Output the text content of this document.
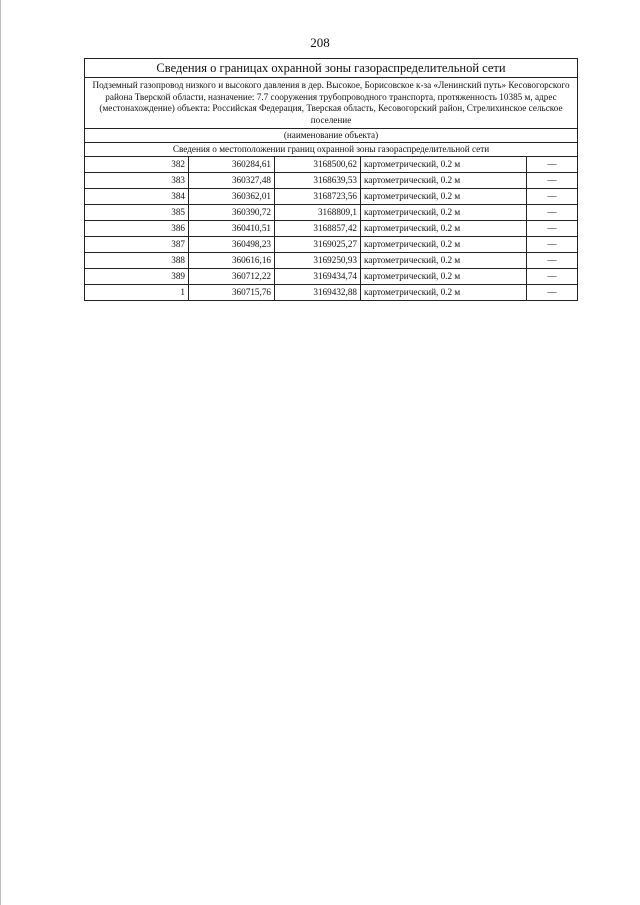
208
Сведения о границах охранной зоны газораспределительной сети				
Подземный газопровод низкого и высокого давления в дер. Высокое, Борисовское к-за «Ленинский путь» Кесовогорского района Тверской области, назначение: 7.7 сооружения трубопроводного транспорта, протяженность 10385 м, адрес (местонахождение) объекта: Российская Федерация, Тверская область, Кесовогорский район, Стрелихинское сельское поселение				
(наименование объекта)				
Сведения о местоположении границ охранной зоны газораспределительной сети				
382	360284,61	3168500,62	картометрический, 0.2 м	—
383	360327,48	3168639,53	картометрический, 0.2 м	—
384	360362,01	3168723,56	картометрический, 0.2 м	—
385	360390,72	3168809,1	картометрический, 0.2 м	—
386	360410,51	3168857,42	картометрический, 0.2 м	—
387	360498,23	3169025,27	картометрический, 0.2 м	—
388	360616,16	3169250,93	картометрический, 0.2 м	—
389	360712,22	3169434,74	картометрический, 0.2 м	—
1	360715,76	3169432,88	картометрический, 0.2 м	—
